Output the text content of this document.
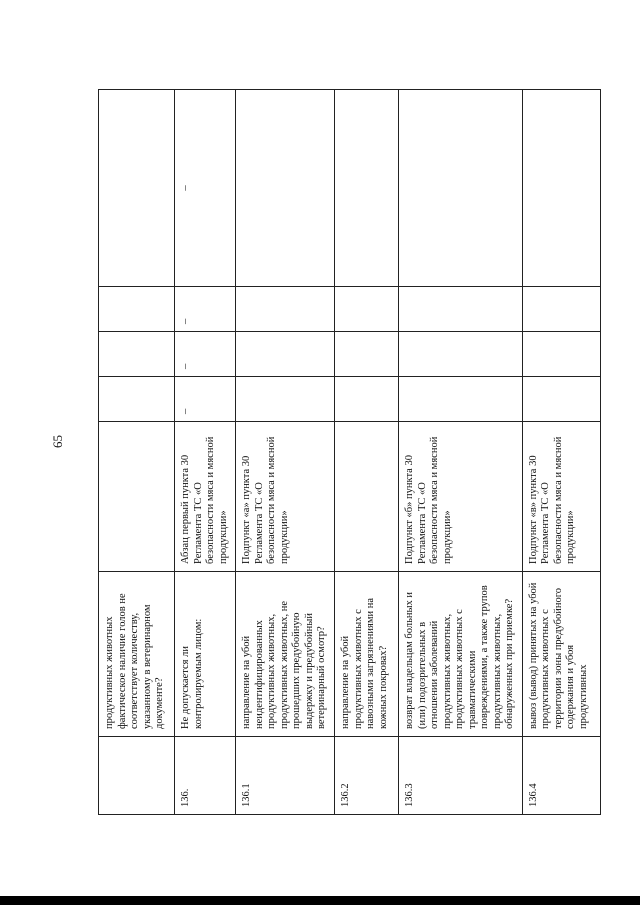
65
	продуктивных животных фактическое наличие голов не соответствует количеству, указанному в ветеринарном документе?					
136.	Не допускается ли контролируемым лицом:	Абзац первый пункта 30 Регламента ТС «О безопасности мяса и мясной продукции»	–	–	–	–
136.1	направление на убой неидентифицированных продуктивных животных, продуктивных животных, не прошедших предубойную выдержку и предубойный ветеринарный осмотр?	Подпункт «а» пункта 30 Регламента ТС «О безопасности мяса и мясной продукции»				
136.2	направление на убой продуктивных животных с навозными загрязнениями на кожных покровах?					
136.3	возврат владельцам больных и (или) подозрительных в отношении заболеваний продуктивных животных, продуктивных животных с травматическими повреждениями, а также трупов продуктивных животных, обнаруженных при приемке?	Подпункт «б» пункта 30 Регламента ТС «О безопасности мяса и мясной продукции»				
136.4	вывоз (вывод) принятых на убой продуктивных животных с территории зоны предубойного содержания и убоя продуктивных	Подпункт «в» пункта 30 Регламента ТС «О безопасности мяса и мясной продукции»				
